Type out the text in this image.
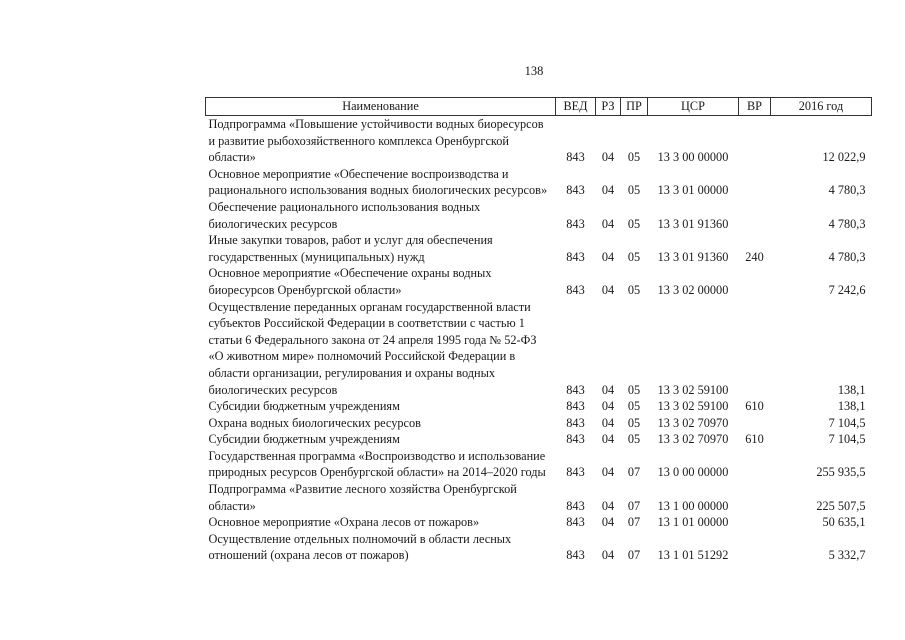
138
Наименование	ВЕД	РЗ	ПР	ЦСР	ВР	2016 год
Подпрограмма «Повышение устойчивости водных биоресурсов и развитие рыбохозяйственного комплекса Оренбургской области»	843	04	05	13 3 00 00000		12 022,9
Основное мероприятие «Обеспечение воспроизводства и рационального использования водных биологических ресурсов»	843	04	05	13 3 01 00000		4 780,3
Обеспечение рационального использования водных биологических ресурсов	843	04	05	13 3 01 91360		4 780,3
Иные закупки товаров, работ и услуг для обеспечения государственных (муниципальных) нужд	843	04	05	13 3 01 91360	240	4 780,3
Основное мероприятие «Обеспечение охраны водных биоресурсов Оренбургской области»	843	04	05	13 3 02 00000		7 242,6
Осуществление переданных органам государственной власти субъектов Российской Федерации в соответствии с частью 1 статьи 6 Федерального закона от 24 апреля 1995 года № 52-ФЗ «О животном мире» полномочий Российской Федерации в области организации, регулирования и охраны водных биологических ресурсов	843	04	05	13 3 02 59100		138,1
Субсидии бюджетным учреждениям	843	04	05	13 3 02 59100	610	138,1
Охрана водных биологических ресурсов	843	04	05	13 3 02 70970		7 104,5
Субсидии бюджетным учреждениям	843	04	05	13 3 02 70970	610	7 104,5
Государственная программа «Воспроизводство и использование природных ресурсов Оренбургской области» на 2014–2020 годы	843	04	07	13 0 00 00000		255 935,5
Подпрограмма «Развитие лесного хозяйства Оренбургской области»	843	04	07	13 1 00 00000		225 507,5
Основное мероприятие «Охрана лесов от пожаров»	843	04	07	13 1 01 00000		50 635,1
Осуществление отдельных полномочий в области лесных отношений (охрана лесов от пожаров)	843	04	07	13 1 01 51292		5 332,7
